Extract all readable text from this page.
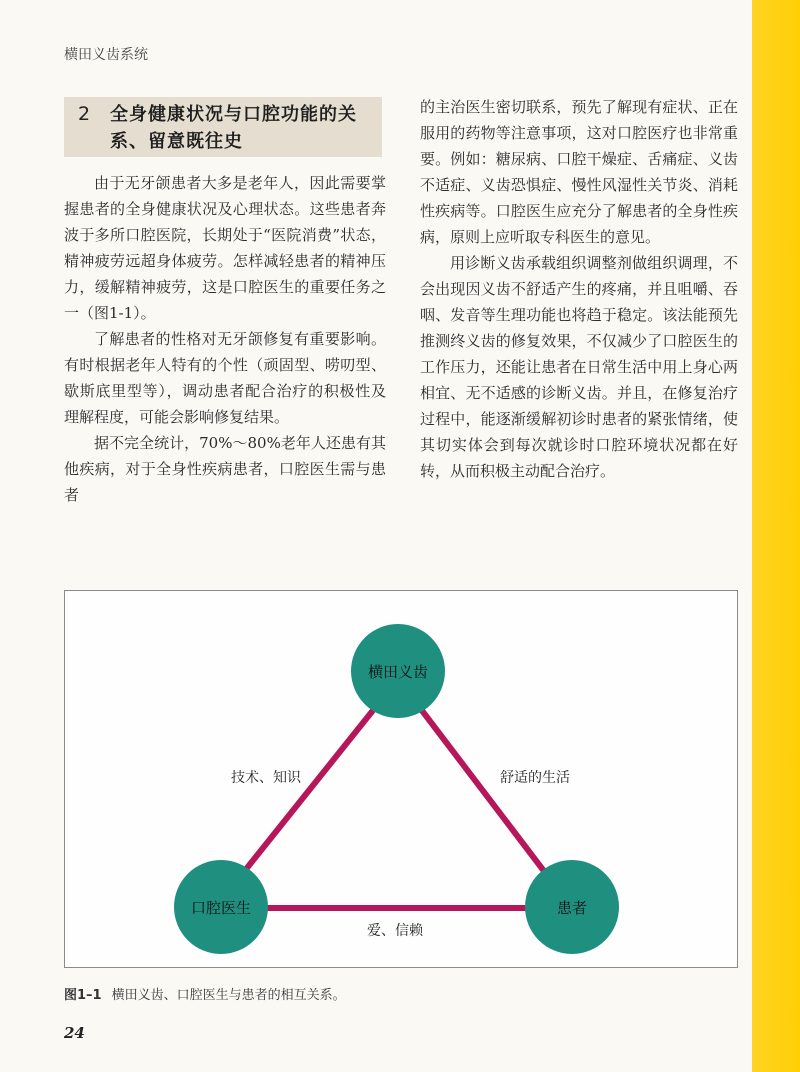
横田义齿系统
2 全身健康状况与口腔功能的关系、留意既往史

由于无牙颌患者大多是老年人，因此需要掌握患者的全身健康状况及心理状态。这些患者奔波于多所口腔医院，长期处于“医院消费”状态，精神疲劳远超身体疲劳。怎样减轻患者的精神压力，缓解精神疲劳，这是口腔医生的重要任务之一（图1-1）。

了解患者的性格对无牙颌修复有重要影响。有时根据老年人特有的个性（顽固型、唠叨型、歇斯底里型等），调动患者配合治疗的积极性及理解程度，可能会影响修复结果。

据不完全统计，70%～80%老年人还患有其他疾病，对于全身性疾病患者，口腔医生需与患者

的主治医生密切联系，预先了解现有症状、正在服用的药物等注意事项，这对口腔医疗也非常重要。例如：糖尿病、口腔干燥症、舌痛症、义齿不适症、义齿恐惧症、慢性风湿性关节炎、消耗性疾病等。口腔医生应充分了解患者的全身性疾病，原则上应听取专科医生的意见。

用诊断义齿承载组织调整剂做组织调理，不会出现因义齿不舒适产生的疼痛，并且咀嚼、吞咽、发音等生理功能也将趋于稳定。该法能预先推测终义齿的修复效果，不仅减少了口腔医生的工作压力，还能让患者在日常生活中用上身心两相宜、无不适感的诊断义齿。并且，在修复治疗过程中，能逐渐缓解初诊时患者的紧张情绪，使其切实体会到每次就诊时口腔环境状况都在好转，从而积极主动配合治疗。

横田义齿
口腔医生	患者
技术、知识	舒适的生活
爱、信赖
图1–1 横田义齿、口腔医生与患者的相互关系。
24
